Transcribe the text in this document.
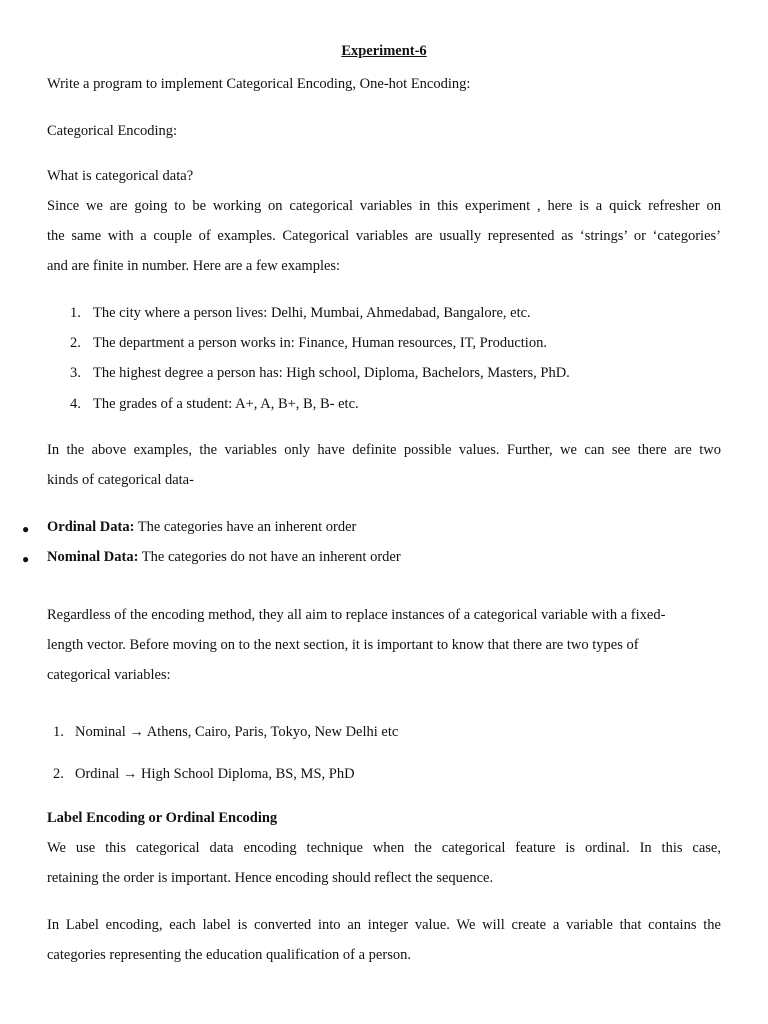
Experiment-6
Write a program to implement Categorical Encoding, One-hot Encoding:
Categorical Encoding:
What is categorical data?
Since we are going to be working on categorical variables in this experiment , here is a quick refresher on
the same with a couple of examples. Categorical variables are usually represented as ‘strings’ or ‘categories’
and are finite in number. Here are a few examples:
1. The city where a person lives: Delhi, Mumbai, Ahmedabad, Bangalore, etc.
2. The department a person works in: Finance, Human resources, IT, Production.
3. The highest degree a person has: High school, Diploma, Bachelors, Masters, PhD.
4. The grades of a student: A+, A, B+, B, B- etc.
In the above examples, the variables only have definite possible values. Further, we can see there are two
kinds of categorical data-
● Ordinal Data: The categories have an inherent order
● Nominal Data: The categories do not have an inherent order
Regardless of the encoding method, they all aim to replace instances of a categorical variable with a fixed-
length vector. Before moving on to the next section, it is important to know that there are two types of
categorical variables:
1. Nominal → Athens, Cairo, Paris, Tokyo, New Delhi etc
2. Ordinal → High School Diploma, BS, MS, PhD
Label Encoding or Ordinal Encoding
We use this categorical data encoding technique when the categorical feature is ordinal. In this case,
retaining the order is important. Hence encoding should reflect the sequence.
In Label encoding, each label is converted into an integer value. We will create a variable that contains the
categories representing the education qualification of a person.
